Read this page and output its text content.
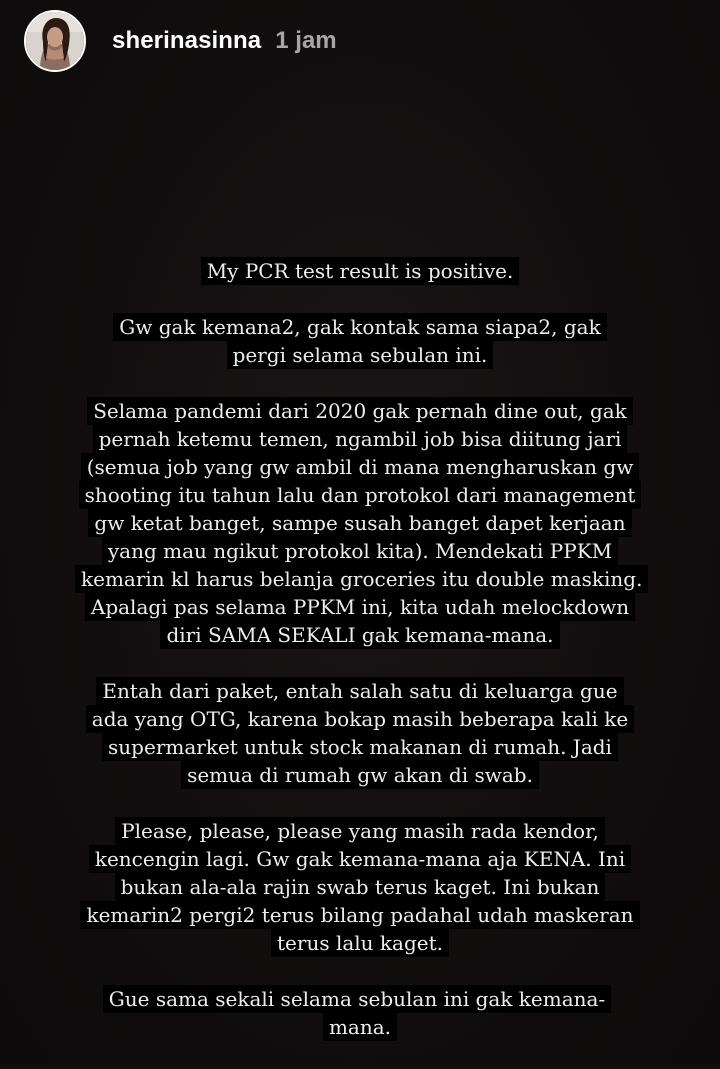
sherinasinna 1 jam
My PCR test result is positive.
Gw gak kemana2, gak kontak sama siapa2, gak pergi selama sebulan ini.
Selama pandemi dari 2020 gak pernah dine out, gak pernah ketemu temen, ngambil job bisa diitung jari (semua job yang gw ambil di mana mengharuskan gw shooting itu tahun lalu dan protokol dari management gw ketat banget, sampe susah banget dapet kerjaan yang mau ngikut protokol kita). Mendekati PPKM kemarin kl harus belanja groceries itu double masking. Apalagi pas selama PPKM ini, kita udah melockdown diri SAMA SEKALI gak kemana-mana.
Entah dari paket, entah salah satu di keluarga gue ada yang OTG, karena bokap masih beberapa kali ke supermarket untuk stock makanan di rumah. Jadi semua di rumah gw akan di swab.
Please, please, please yang masih rada kendor, kencengin lagi. Gw gak kemana-mana aja KENA. Ini bukan ala-ala rajin swab terus kaget. Ini bukan kemarin2 pergi2 terus bilang padahal udah maskeran terus lalu kaget.
Gue sama sekali selama sebulan ini gak kemana-mana.
